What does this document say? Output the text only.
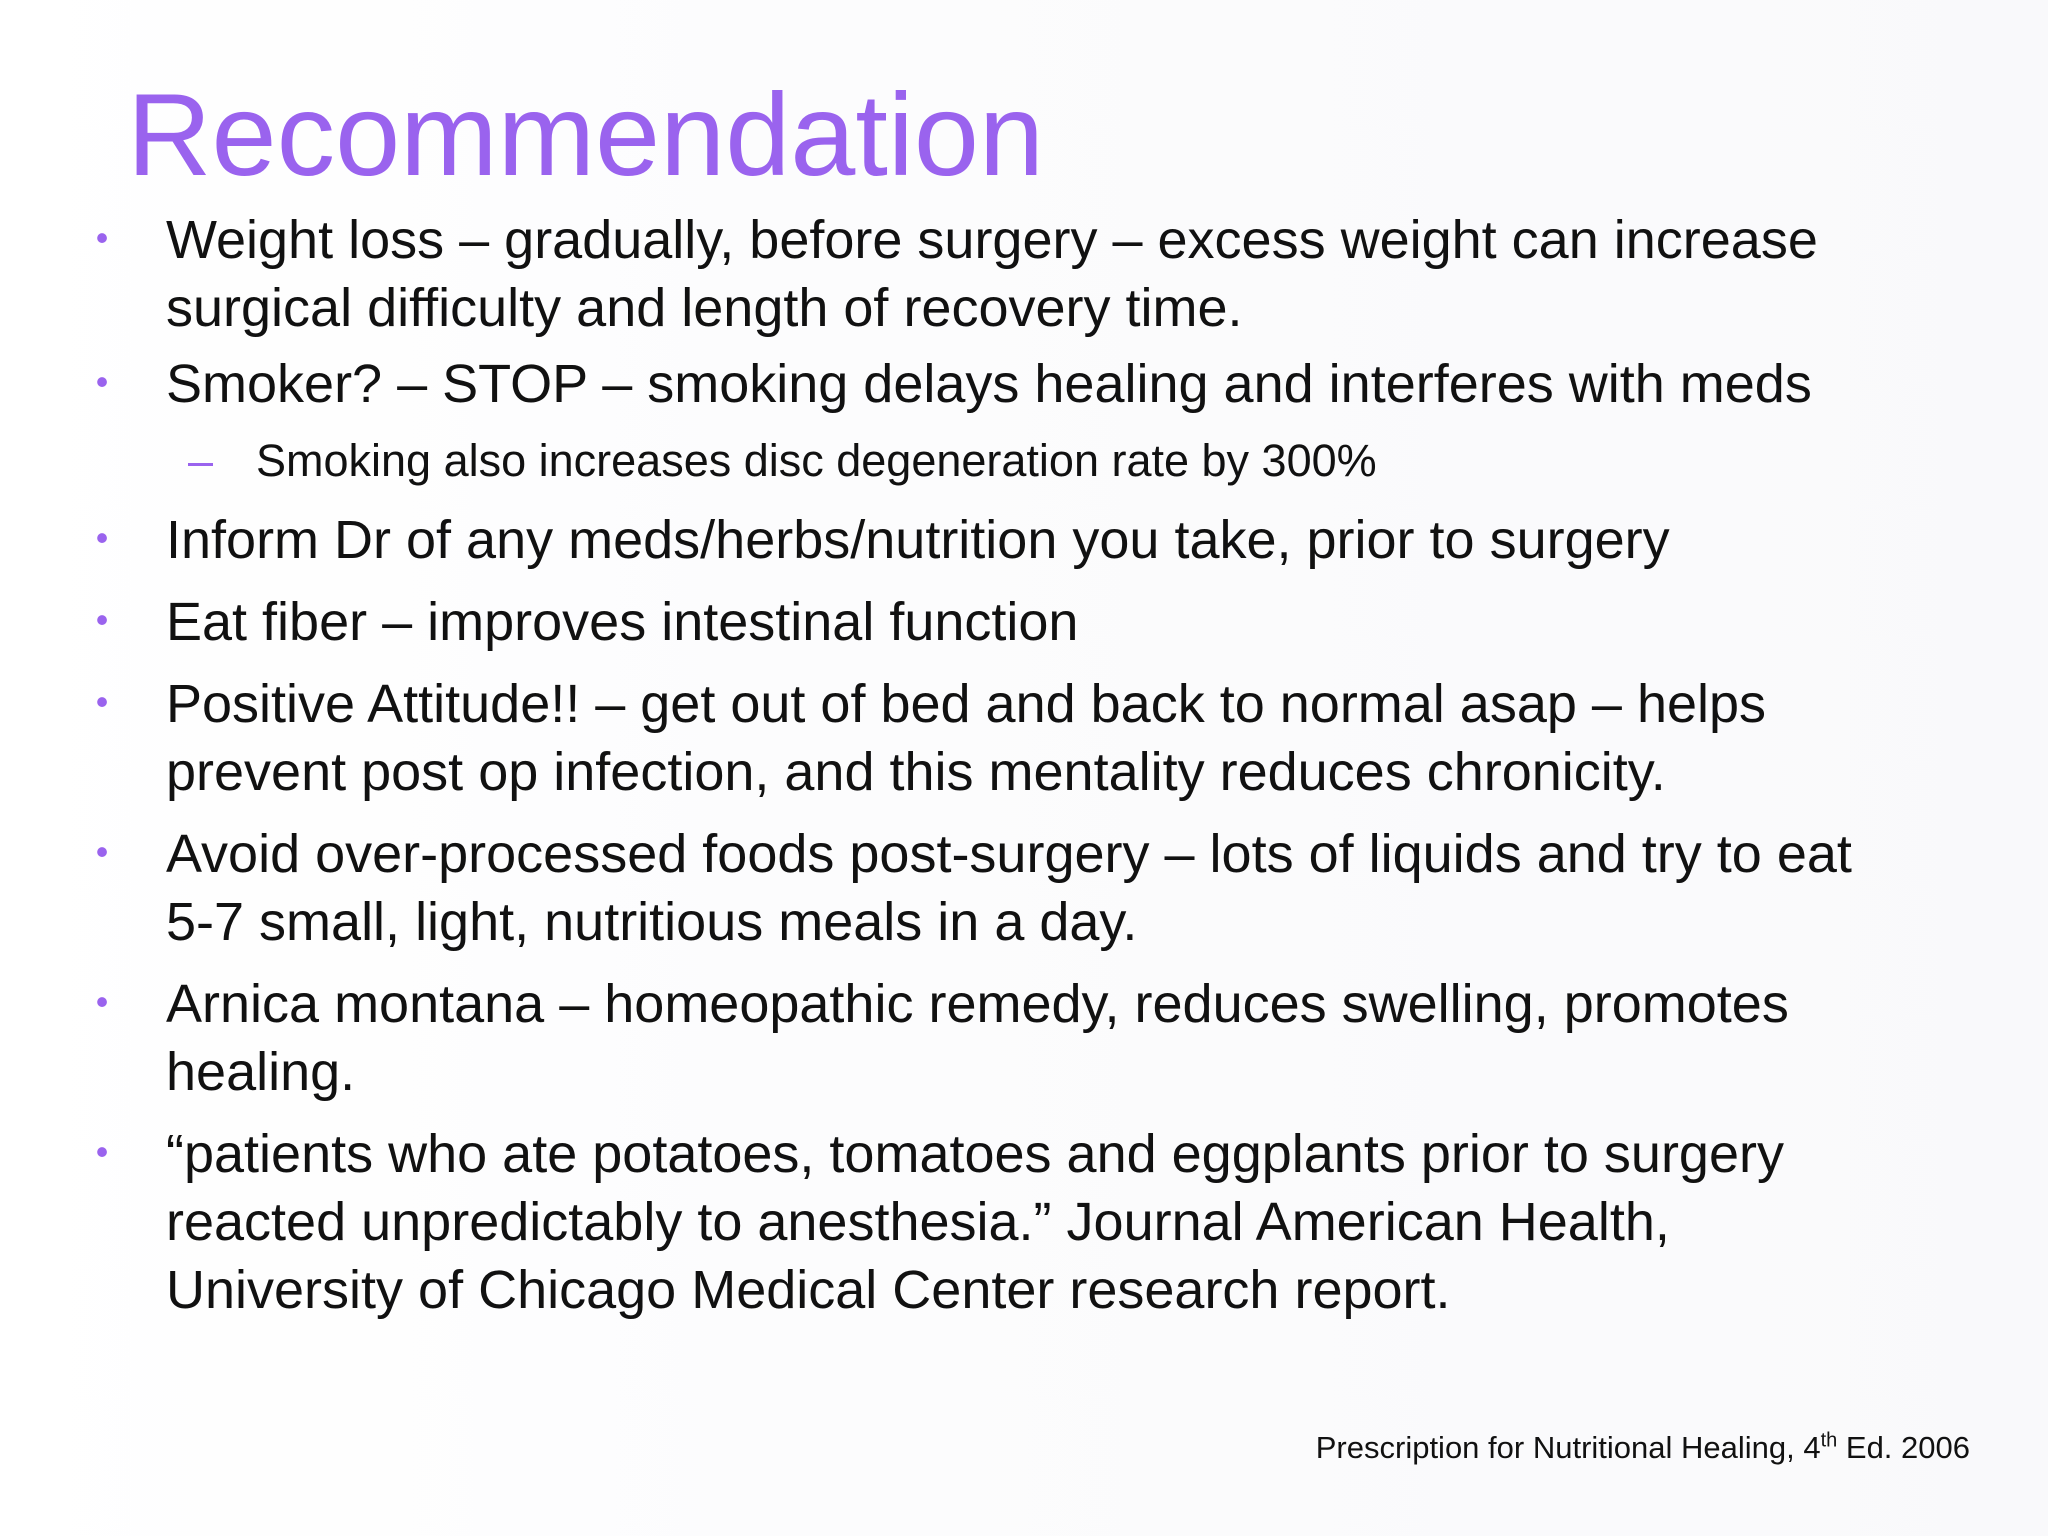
Recommendation
• Weight loss – gradually, before surgery – excess weight can increase
surgical difficulty and length of recovery time.
• Smoker? – STOP – smoking delays healing and interferes with meds
– Smoking also increases disc degeneration rate by 300%
• Inform Dr of any meds/herbs/nutrition you take, prior to surgery
• Eat fiber – improves intestinal function
• Positive Attitude!! – get out of bed and back to normal asap – helps
prevent post op infection, and this mentality reduces chronicity.
• Avoid over-processed foods post-surgery – lots of liquids and try to eat
5-7 small, light, nutritious meals in a day.
• Arnica montana – homeopathic remedy, reduces swelling, promotes
healing.
• “patients who ate potatoes, tomatoes and eggplants prior to surgery
reacted unpredictably to anesthesia.” Journal American Health,
University of Chicago Medical Center research report.
Prescription for Nutritional Healing, 4th Ed. 2006
